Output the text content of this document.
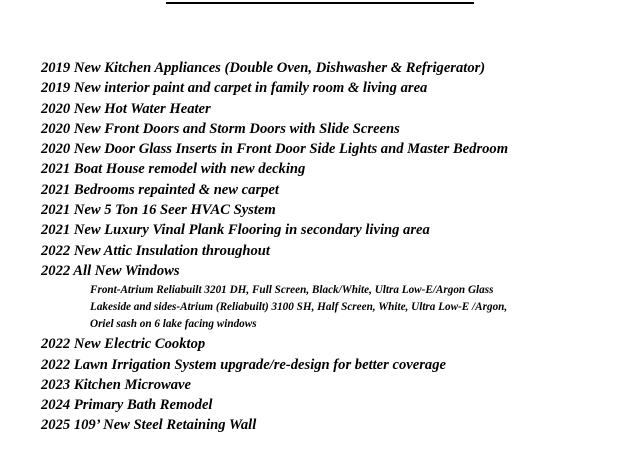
2019 New Kitchen Appliances (Double Oven, Dishwasher & Refrigerator)
2019 New interior paint and carpet in family room & living area
2020 New Hot Water Heater
2020 New Front Doors and Storm Doors with Slide Screens
2020 New Door Glass Inserts in Front Door Side Lights and Master Bedroom
2021 Boat House remodel with new decking
2021 Bedrooms repainted & new carpet
2021 New 5 Ton 16 Seer HVAC System
2021 New Luxury Vinal Plank Flooring in secondary living area
2022 New Attic Insulation throughout
2022 All New Windows
Front-Atrium Reliabuilt 3201 DH, Full Screen, Black/White, Ultra Low-E/Argon Glass
Lakeside and sides-Atrium (Reliabuilt) 3100 SH, Half Screen, White, Ultra Low-E /Argon,
Oriel sash on 6 lake facing windows
2022 New Electric Cooktop
2022 Lawn Irrigation System upgrade/re-design for better coverage
2023 Kitchen Microwave
2024 Primary Bath Remodel
2025 109’ New Steel Retaining Wall
